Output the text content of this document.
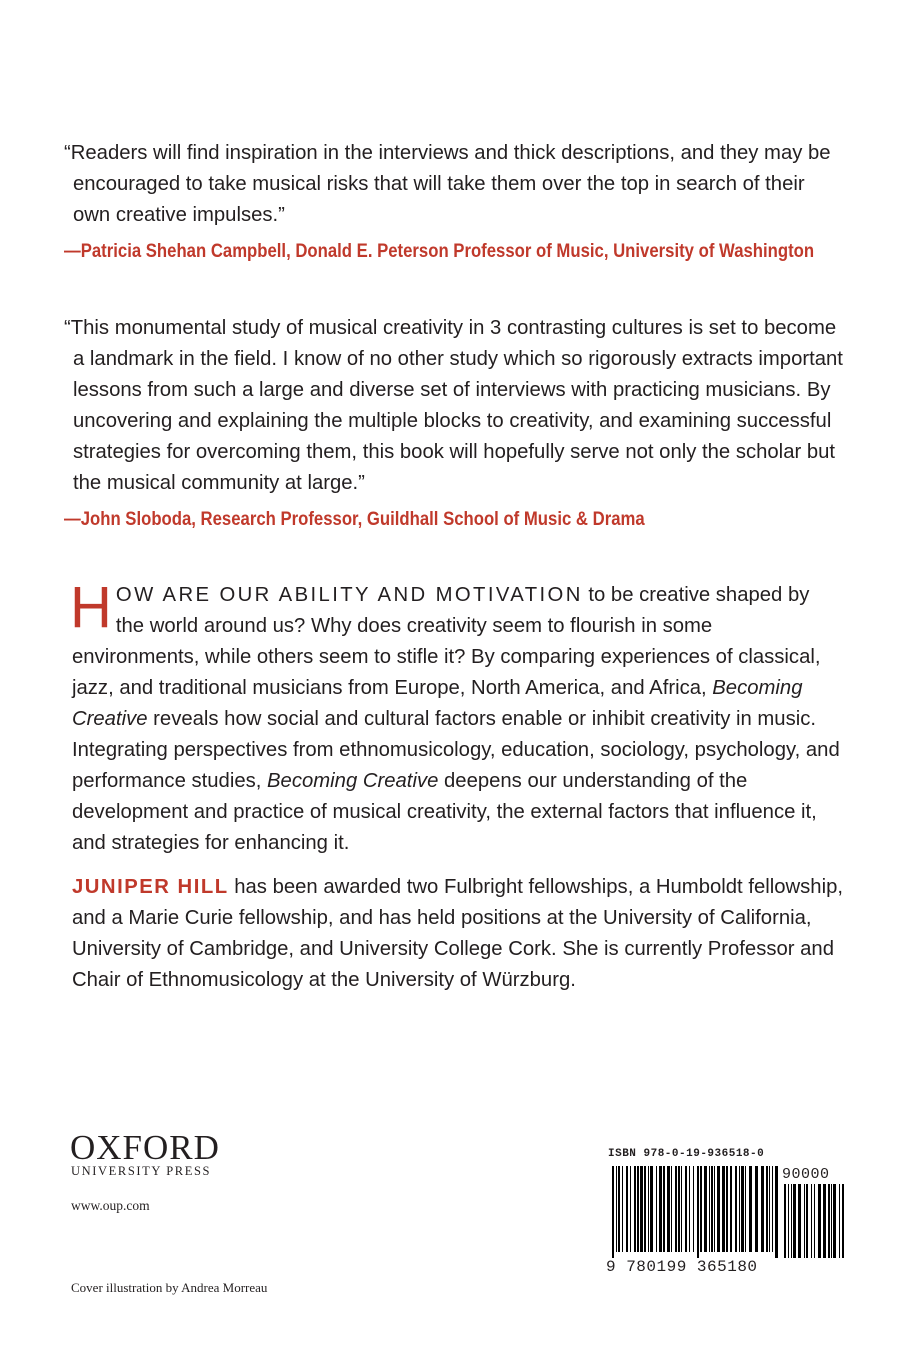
“Readers will find inspiration in the interviews and thick descriptions, and they may be encouraged to take musical risks that will take them over the top in search of their own creative impulses.”

—Patricia Shehan Campbell, Donald E. Peterson Professor of Music, University of Washington

“This monumental study of musical creativity in 3 contrasting cultures is set to become a landmark in the field. I know of no other study which so rigorously extracts important lessons from such a large and diverse set of interviews with practicing musicians. By uncovering and explaining the multiple blocks to creativity, and examining successful strategies for overcoming them, this book will hopefully serve not only the scholar but the musical community at large.”

—John Sloboda, Research Professor, Guildhall School of Music & Drama

HOW ARE OUR ABILITY AND MOTIVATION to be creative shaped by the world around us? Why does creativity seem to flourish in some environments, while others seem to stifle it? By comparing experiences of classical, jazz, and traditional musicians from Europe, North America, and Africa, Becoming Creative reveals how social and cultural factors enable or inhibit creativity in music. Integrating perspectives from ethnomusicology, education, sociology, psychology, and performance studies, Becoming Creative deepens our understanding of the development and practice of musical creativity, the external factors that influence it, and strategies for enhancing it.
JUNIPER HILL has been awarded two Fulbright fellowships, a Humboldt fellowship, and a Marie Curie fellowship, and has held positions at the University of California, University of Cambridge, and University College Cork. She is currently Professor and Chair of Ethnomusicology at the University of Würzburg.
OXFORD
UNIVERSITY PRESS
www.oup.com
Cover illustration by Andrea Morreau
ISBN 978-0-19-936518-0
90000
9 780199 365180
